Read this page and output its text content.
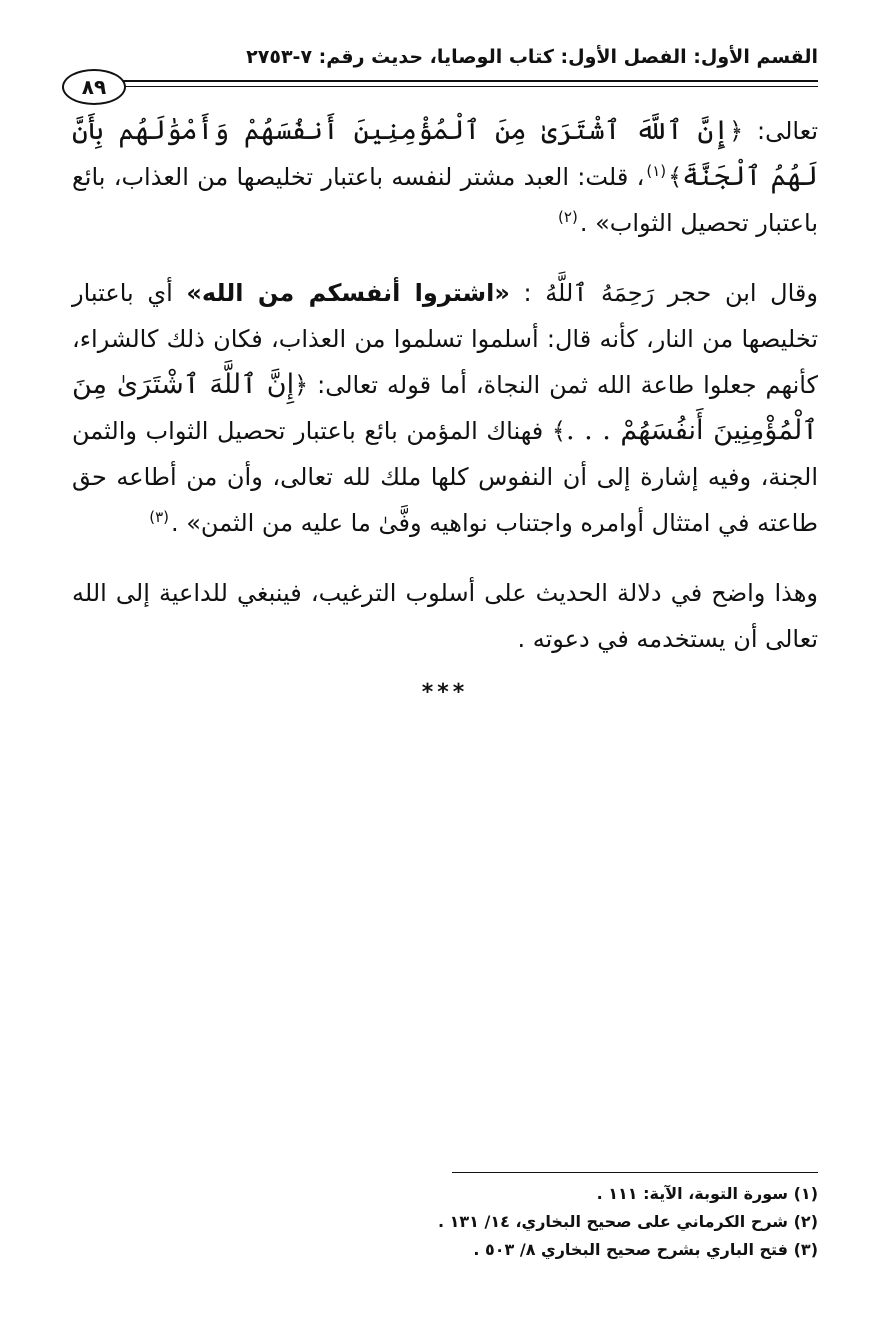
القسم الأول: الفصل الأول: كتاب الوصايا، حديث رقم: ٧-٢٧٥٣
٨٩

تعالى: ﴿إِنَّ ٱللَّهَ ٱشْتَرَىٰ مِنَ ٱلْمُؤْمِنِينَ أَنفُسَهُمْ وَأَمْوَٰلَهُم بِأَنَّ لَهُمُ ٱلْجَنَّةَ﴾$^{(١)}$، قلت: العبد مشتر لنفسه باعتبار تخليصها من العذاب، بائع باعتبار تحصيل الثواب» .$^{(٢)}$

وقال ابن حجر رَحِمَهُ ٱللَّهُ : «اشتروا أنفسكم من الله» أي باعتبار تخليصها من النار، كأنه قال: أسلموا تسلموا من العذاب، فكان ذلك كالشراء، كأنهم جعلوا طاعة الله ثمن النجاة، أما قوله تعالى: ﴿إِنَّ ٱللَّهَ ٱشْتَرَىٰ مِنَ ٱلْمُؤْمِنِينَ أَنفُسَهُمْ . . .﴾ فهناك المؤمن بائع باعتبار تحصيل الثواب والثمن الجنة، وفيه إشارة إلى أن النفوس كلها ملك لله تعالى، وأن من أطاعه حق طاعته في امتثال أوامره واجتناب نواهيه وفَّىٰ ما عليه من الثمن» .$^{(٣)}$

وهذا واضح في دلالة الحديث على أسلوب الترغيب، فينبغي للداعية إلى الله تعالى أن يستخدمه في دعوته .

***
(١) سورة التوبة، الآية: ١١١ .
(٢) شرح الكرماني على صحيح البخاري، ١٤/ ١٣١ .
(٣) فتح الباري بشرح صحيح البخاري ٨/ ٥٠٣ .
